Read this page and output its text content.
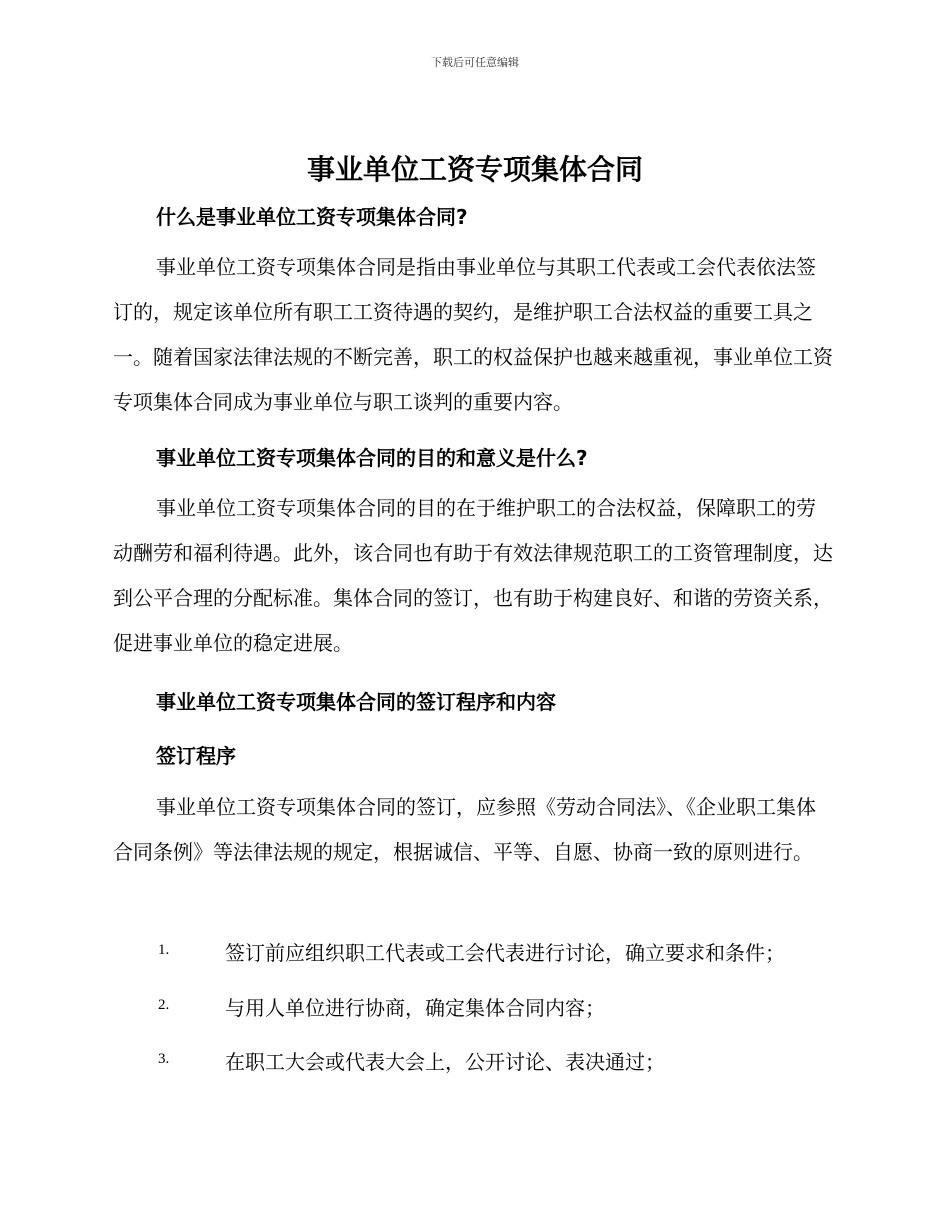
下载后可任意编辑
事业单位工资专项集体合同
什么是事业单位工资专项集体合同?
事业单位工资专项集体合同是指由事业单位与其职工代表或工会代表依法签订的，规定该单位所有职工工资待遇的契约，是维护职工合法权益的重要工具之一。随着国家法律法规的不断完善，职工的权益保护也越来越重视，事业单位工资专项集体合同成为事业单位与职工谈判的重要内容。
事业单位工资专项集体合同的目的和意义是什么?
事业单位工资专项集体合同的目的在于维护职工的合法权益，保障职工的劳动酬劳和福利待遇。此外，该合同也有助于有效法律规范职工的工资管理制度，达到公平合理的分配标准。集体合同的签订，也有助于构建良好、和谐的劳资关系，促进事业单位的稳定进展。
事业单位工资专项集体合同的签订程序和内容
签订程序
事业单位工资专项集体合同的签订，应参照《劳动合同法》、《企业职工集体合同条例》等法律法规的规定，根据诚信、平等、自愿、协商一致的原则进行。
1.	签订前应组织职工代表或工会代表进行讨论，确立要求和条件；
2.	与用人单位进行协商，确定集体合同内容；
3.	在职工大会或代表大会上，公开讨论、表决通过；
